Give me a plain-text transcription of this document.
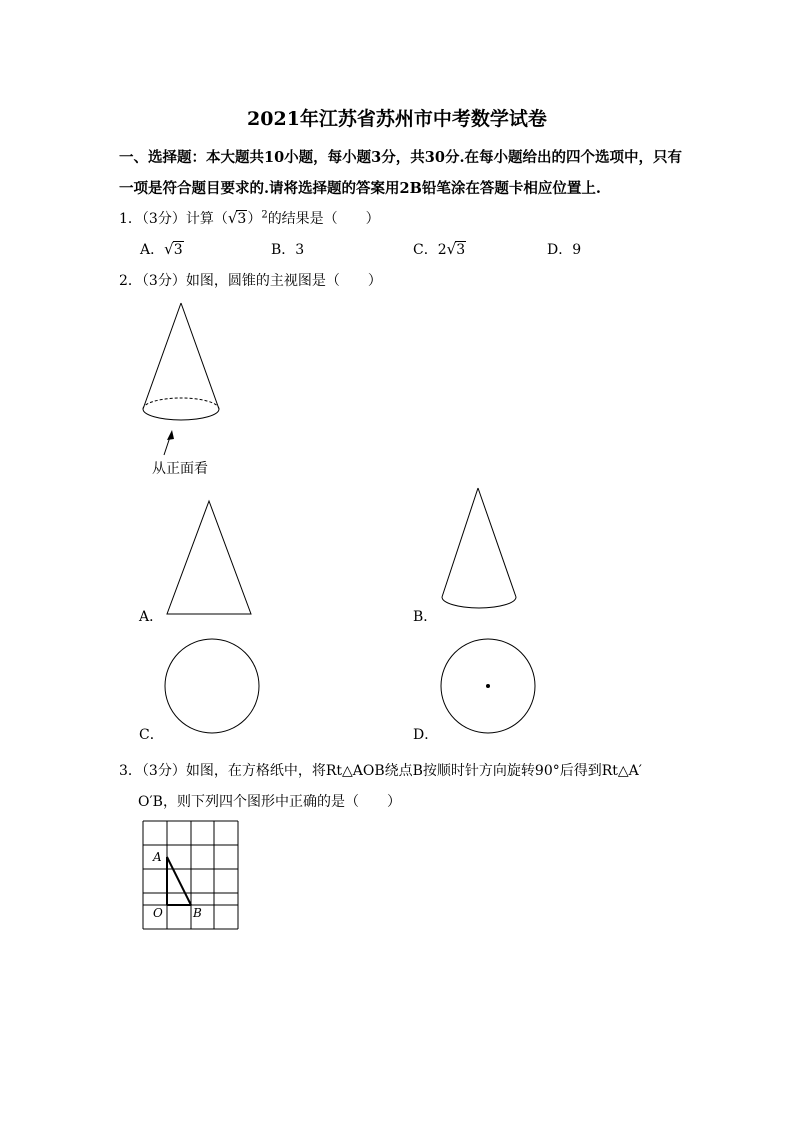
2021年江苏省苏州市中考数学试卷
一、选择题：本大题共10小题，每小题3分，共30分.在每小题给出的四个选项中，只有
一项是符合题目要求的.请将选择题的答案用2B铅笔涂在答题卡相应位置上.
1．（3分）计算$(√3)^2$的结果是（　　）
A．√3	B．3	C．2√3	D．9
2．（3分）如图，圆锥的主视图是（　　）
从正面看
A．	B．
C．	D．
3．（3分）如图，在方格纸中，将Rt△AOB绕点B按顺时针方向旋转90°后得到Rt△A′
O′B，则下列四个图形中正确的是（　　）
A
O	B
